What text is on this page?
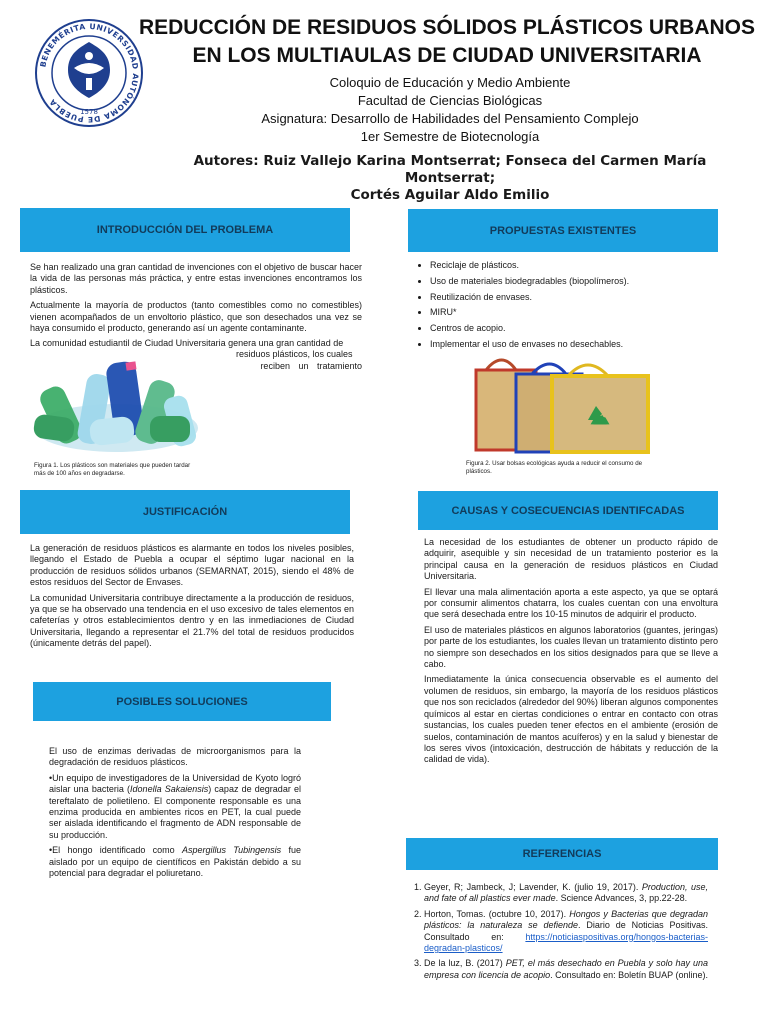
BENEMÉRITA UNIVERSIDAD AUTÓNOMA DE PUEBLA
1578
REDUCCIÓN DE RESIDUOS SÓLIDOS PLÁSTICOS URBANOS EN LOS MULTIAULAS DE CIUDAD UNIVERSITARIA
Coloquio de Educación y Medio Ambiente
Facultad de Ciencias Biológicas
Asignatura: Desarrollo de Habilidades del Pensamiento Complejo
1er Semestre de Biotecnología
Autores: Ruiz Vallejo Karina Montserrat; Fonseca del Carmen María Montserrat;
Cortés Aguilar Aldo Emilio
INTRODUCCIÓN DEL PROBLEMA

Se han realizado una gran cantidad de invenciones con el objetivo de buscar hacer la vida de las personas más práctica, y entre estas invenciones encontramos los plásticos.

Actualmente la mayoría de productos (tanto comestibles como no comestibles) vienen acompañados de un envoltorio plástico, que son desechados una vez se haya consumido el producto, generando así un agente contaminante.

La comunidad estudiantil de Ciudad Universitaria genera una gran cantidad de

residuos plásticos, los cuales
reciben un tratamiento
Figura 1. Los plásticos son materiales que pueden tardar más de 100 años en degradarse.
PROPUESTAS EXISTENTES
• Reciclaje de plásticos.
• Uso de materiales biodegradables (biopolímeros).
• Reutilización de envases.
• MIRU*
• Centros de acopio.
• Implementar el uso de envases no desechables.
Figura 2. Usar bolsas ecológicas ayuda a reducir el consumo de plásticos.
JUSTIFICACIÓN

La generación de residuos plásticos es alarmante en todos los niveles posibles, llegando el Estado de Puebla a ocupar el séptimo lugar nacional en la producción de residuos sólidos urbanos (SEMARNAT, 2015), siendo el 48% de estos residuos del Sector de Envases.

La comunidad Universitaria contribuye directamente a la producción de residuos, ya que se ha observado una tendencia en el uso excesivo de tales elementos en cafeterías y otros establecimientos dentro y en las inmediaciones de Ciudad Universitaria, llegando a representar el 21.7% del total de residuos producidos (únicamente detrás del papel).

CAUSAS Y COSECUENCIAS IDENTIFCADAS

La necesidad de los estudiantes de obtener un producto rápido de adquirir, asequible y sin necesidad de un tratamiento posterior es la principal causa en la generación de residuos plásticos en Ciudad Universitaria.

El llevar una mala alimentación aporta a este aspecto, ya que se optará por consumir alimentos chatarra, los cuales cuentan con una envoltura que será desechada entre los 10-15 minutos de adquirir el producto.

El uso de materiales plásticos en algunos laboratorios (guantes, jeringas) por parte de los estudiantes, los cuales llevan un tratamiento distinto pero no siempre son desechados en los sitios designados para que se lleve a cabo.

Inmediatamente la única consecuencia observable es el aumento del volumen de residuos, sin embargo, la mayoría de los residuos plásticos que nos son reciclados (alrededor del 90%) liberan algunos componentes químicos al estar en ciertas condiciones o entrar en contacto con otras sustancias, los cuales pueden tener efectos en el ambiente (erosión de suelos, contaminación de mantos acuíferos) y en la salud y bienestar de los seres vivos (intoxicación, destrucción de hábitats y reducción de la calidad de vida).

POSIBLES SOLUCIONES

El uso de enzimas derivadas de microorganismos para la degradación de residuos plásticos.

•Un equipo de investigadores de la Universidad de Kyoto logró aislar una bacteria (Idonella Sakaiensis) capaz de degradar el tereftalato de polietileno. El componente responsable es una enzima producida en ambientes ricos en PET, la cual puede ser aislada identificando el fragmento de ADN responsable de su producción.

•El hongo identificado como Aspergillus Tubingensis fue aislado por un equipo de científicos en Pakistán debido a su potencial para degradar el poliuretano.

REFERENCIAS
1. Geyer, R; Jambeck, J; Lavender, K. (julio 19, 2017). Production, use, and fate of all plastics ever made. Science Advances, 3, pp.22-28.
2. Horton, Tomas. (octubre 10, 2017). Hongos y Bacterias que degradan plásticos: la naturaleza se defiende. Diario de Noticias Positivas. Consultado en: https://noticiaspositivas.org/hongos-bacterias-degradan-plasticos/
3. De la luz, B. (2017) PET, el más desechado en Puebla y solo hay una empresa con licencia de acopio. Consultado en: Boletín BUAP (online).
